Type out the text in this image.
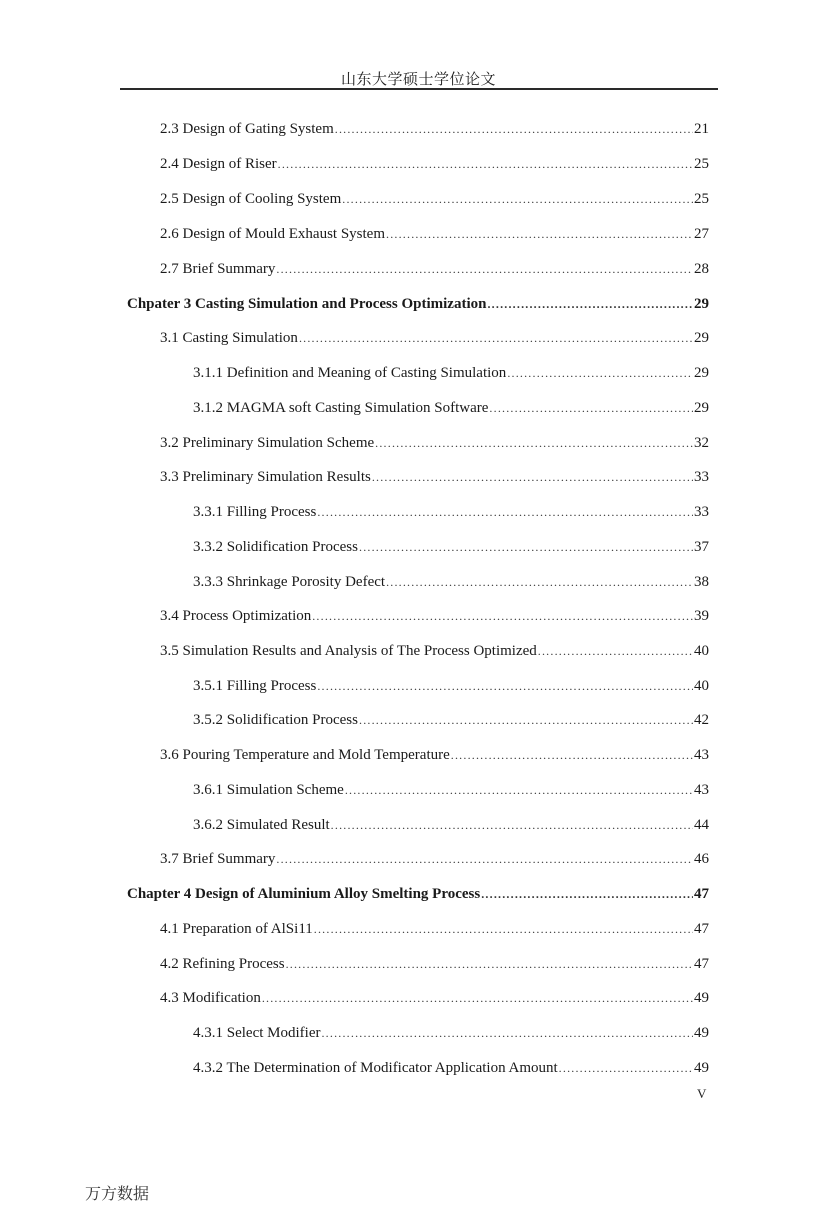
山东大学硕士学位论文
2.3 Design of Gating System .....	21
2.4 Design of Riser .....	25
2.5 Design of Cooling System .....	25
2.6 Design of Mould Exhaust System .....	27
2.7 Brief Summary .....	28
Chpater 3 Casting Simulation and Process Optimization .....	29
3.1 Casting Simulation .....	29
3.1.1 Definition and Meaning of Casting Simulation .....	29
3.1.2 MAGMA soft Casting Simulation Software .....	29
3.2 Preliminary Simulation Scheme .....	32
3.3 Preliminary Simulation Results .....	33
3.3.1 Filling Process .....	33
3.3.2 Solidification Process .....	37
3.3.3 Shrinkage Porosity Defect .....	38
3.4 Process Optimization .....	39
3.5 Simulation Results and Analysis of The Process Optimized .....	40
3.5.1 Filling Process .....	40
3.5.2 Solidification Process .....	42
3.6 Pouring Temperature and Mold Temperature .....	43
3.6.1 Simulation Scheme .....	43
3.6.2 Simulated Result .....	44
3.7 Brief Summary .....	46
Chapter 4 Design of Aluminium Alloy Smelting Process .....	47
4.1 Preparation of AlSi11 .....	47
4.2 Refining Process .....	47
4.3 Modification .....	49
4.3.1 Select Modifier .....	49
4.3.2 The Determination of Modificator Application Amount .....	49
V
万方数据
